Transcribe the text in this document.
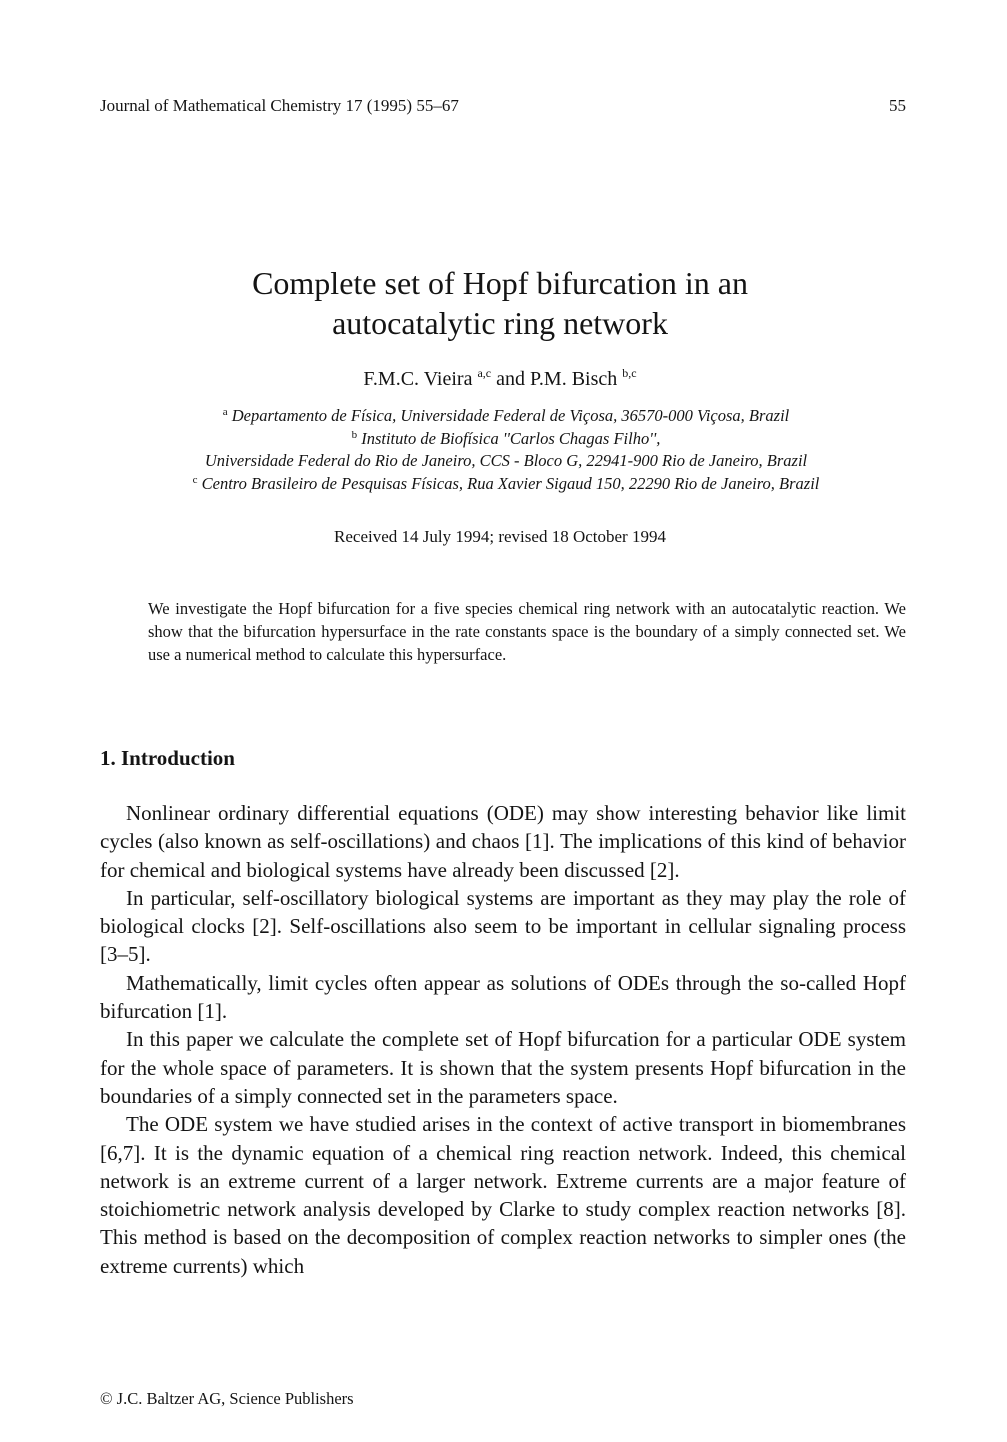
Journal of Mathematical Chemistry 17 (1995) 55–67	55
Complete set of Hopf bifurcation in an
autocatalytic ring network
F.M.C. Vieira $^{a,c}$ and P.M. Bisch $^{b,c}$
$^a$ Departamento de Física, Universidade Federal de Viçosa, 36570-000 Viçosa, Brazil
$^b$ Instituto de Biofísica ''Carlos Chagas Filho'',
Universidade Federal do Rio de Janeiro, CCS - Bloco G, 22941-900 Rio de Janeiro, Brazil
$^c$ Centro Brasileiro de Pesquisas Físicas, Rua Xavier Sigaud 150, 22290 Rio de Janeiro, Brazil
Received 14 July 1994; revised 18 October 1994
We investigate the Hopf bifurcation for a five species chemical ring network with an autocatalytic reaction. We show that the bifurcation hypersurface in the rate constants space is the boundary of a simply connected set. We use a numerical method to calculate this hypersurface.
1. Introduction

Nonlinear ordinary differential equations (ODE) may show interesting behavior like limit cycles (also known as self-oscillations) and chaos [1]. The implications of this kind of behavior for chemical and biological systems have already been discussed [2].

In particular, self-oscillatory biological systems are important as they may play the role of biological clocks [2]. Self-oscillations also seem to be important in cellular signaling process [3–5].

Mathematically, limit cycles often appear as solutions of ODEs through the so-called Hopf bifurcation [1].

In this paper we calculate the complete set of Hopf bifurcation for a particular ODE system for the whole space of parameters. It is shown that the system presents Hopf bifurcation in the boundaries of a simply connected set in the parameters space.

The ODE system we have studied arises in the context of active transport in biomembranes [6,7]. It is the dynamic equation of a chemical ring reaction network. Indeed, this chemical network is an extreme current of a larger network. Extreme currents are a major feature of stoichiometric network analysis developed by Clarke to study complex reaction networks [8]. This method is based on the decomposition of complex reaction networks to simpler ones (the extreme currents) which

© J.C. Baltzer AG, Science Publishers
